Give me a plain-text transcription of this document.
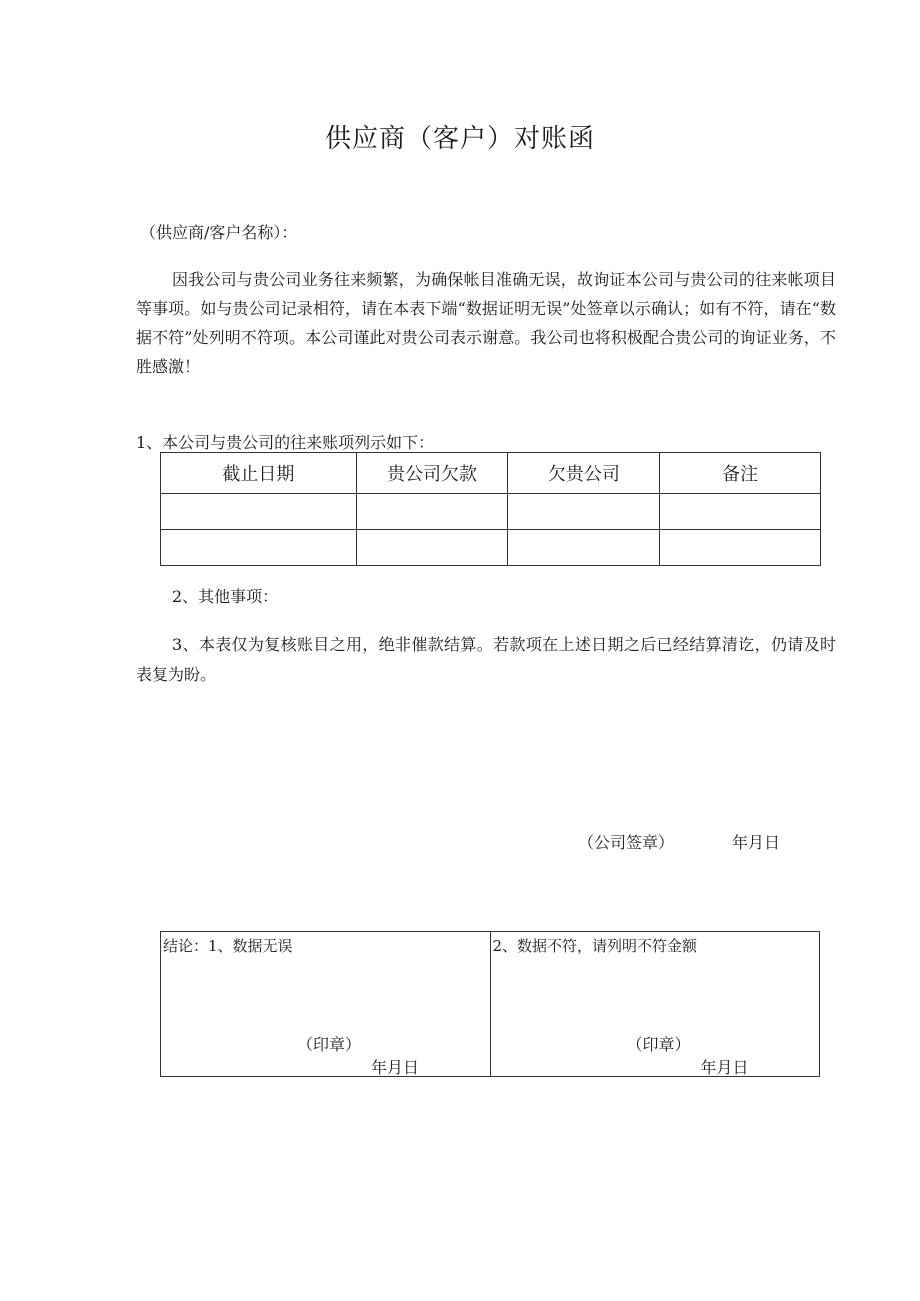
供应商（客户）对账函
（供应商/客户名称）：
因我公司与贵公司业务往来频繁，为确保帐目准确无误，故询证本公司与贵公司的往来帐项目等事项。如与贵公司记录相符，请在本表下端“数据证明无误”处签章以示确认；如有不符，请在“数据不符”处列明不符项。本公司谨此对贵公司表示谢意。我公司也将积极配合贵公司的询证业务，不胜感激！
1、本公司与贵公司的往来账项列示如下：
截止日期	贵公司欠款	欠贵公司	备注

2、其他事项：
3、本表仅为复核账目之用，绝非催款结算。若款项在上述日期之后已经结算清讫，仍请及时表复为盼。
（公司签章）	年月日
结论：1、数据无误
（印章）
年月日
2、数据不符，请列明不符金额
（印章）
年月日
